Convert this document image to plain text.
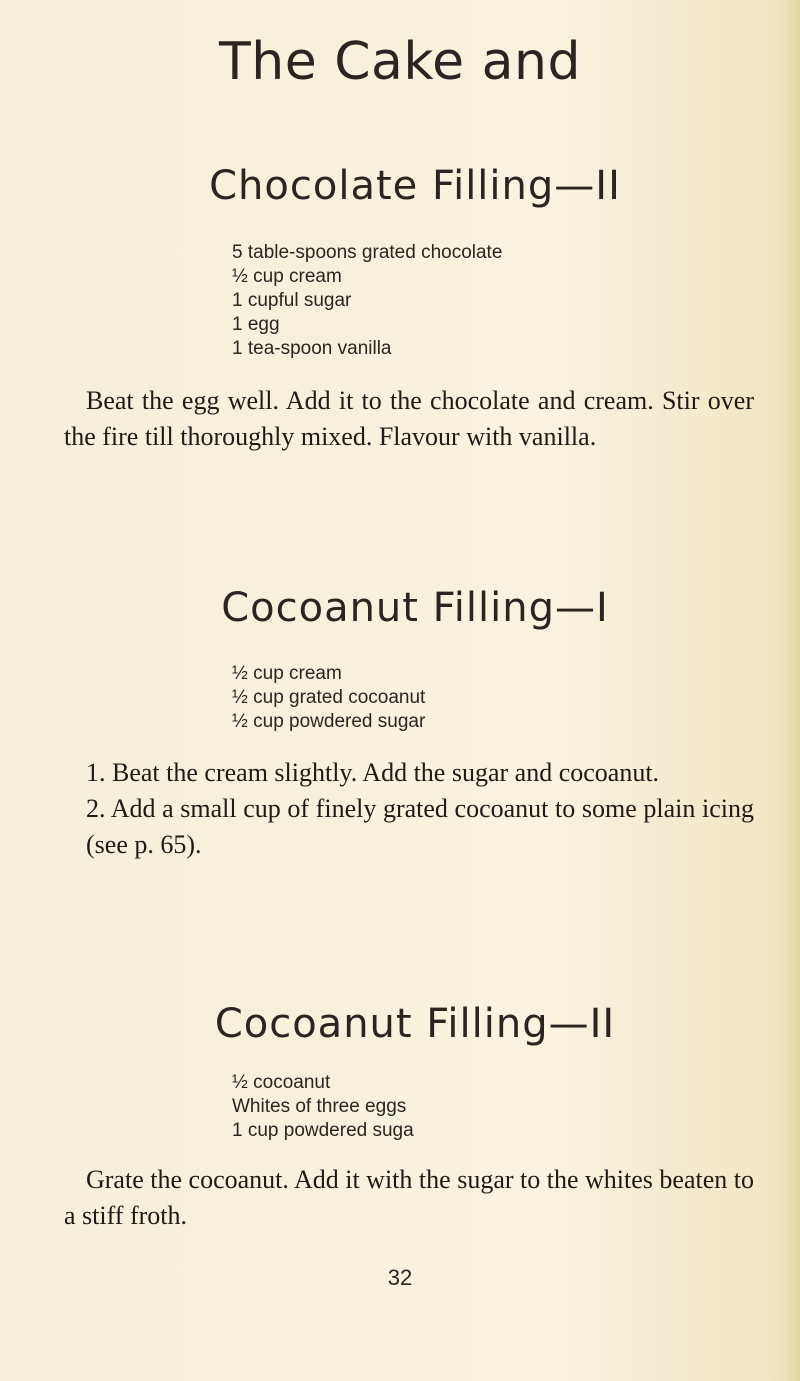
The Cake and
Chocolate Filling—II
5 table-spoons grated chocolate
½ cup cream
1 cupful sugar
1 egg
1 tea-spoon vanilla

Beat the egg well. Add it to the chocolate and cream. Stir over the fire till thoroughly mixed. Flavour with vanilla.

Cocoanut Filling—I
½ cup cream
½ cup grated cocoanut
½ cup powdered sugar

1. Beat the cream slightly. Add the sugar and cocoanut.
2. Add a small cup of finely grated cocoanut to some plain icing (see p. 65).

Cocoanut Filling—II
½ cocoanut
Whites of three eggs
1 cup powdered suga

Grate the cocoanut. Add it with the sugar to the whites beaten to a stiff froth.

32
